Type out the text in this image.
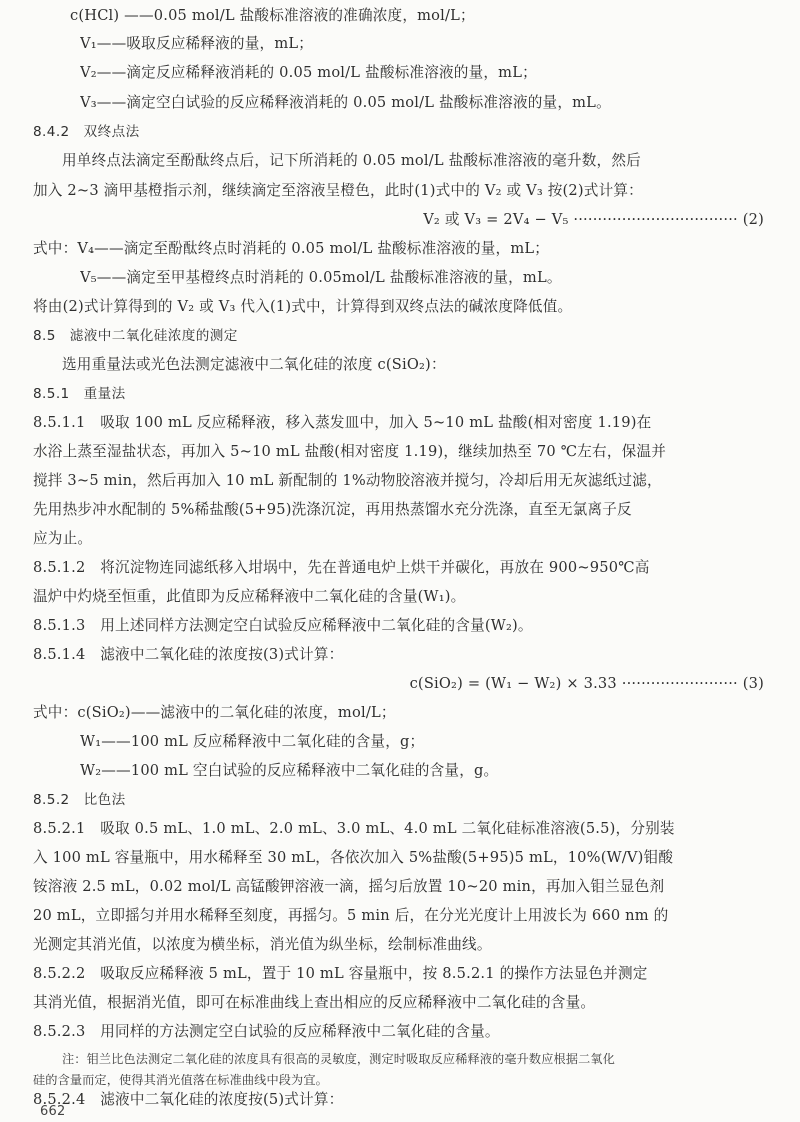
c(HCl) ——0.05 mol/L 盐酸标准溶液的准确浓度，mol/L；
V₁——吸取反应稀释液的量，mL；
V₂——滴定反应稀释液消耗的 0.05 mol/L 盐酸标准溶液的量，mL；
V₃——滴定空白试验的反应稀释液消耗的 0.05 mol/L 盐酸标准溶液的量，mL。
8.4.2　双终点法
用单终点法滴定至酚酞终点后，记下所消耗的 0.05 mol/L 盐酸标准溶液的毫升数，然后
加入 2~3 滴甲基橙指示剂，继续滴定至溶液呈橙色，此时(1)式中的 V₂ 或 V₃ 按(2)式计算：
V₂ 或 V₃ = 2V₄ − V₅ ·································· (2)
式中：V₄——滴定至酚酞终点时消耗的 0.05 mol/L 盐酸标准溶液的量，mL；
V₅——滴定至甲基橙终点时消耗的 0.05mol/L 盐酸标准溶液的量，mL。
将由(2)式计算得到的 V₂ 或 V₃ 代入(1)式中，计算得到双终点法的碱浓度降低值。
8.5　滤液中二氧化硅浓度的测定
选用重量法或光色法测定滤液中二氧化硅的浓度 c(SiO₂)：
8.5.1　重量法
8.5.1.1　吸取 100 mL 反应稀释液，移入蒸发皿中，加入 5~10 mL 盐酸(相对密度 1.19)在
水浴上蒸至湿盐状态，再加入 5~10 mL 盐酸(相对密度 1.19)，继续加热至 70 ℃左右，保温并
搅拌 3~5 min，然后再加入 10 mL 新配制的 1%动物胶溶液并搅匀，冷却后用无灰滤纸过滤，
先用热步冲水配制的 5%稀盐酸(5+95)洗涤沉淀，再用热蒸馏水充分洗涤，直至无氯离子反
应为止。
8.5.1.2　将沉淀物连同滤纸移入坩埚中，先在普通电炉上烘干并碳化，再放在 900~950℃高
温炉中灼烧至恒重，此值即为反应稀释液中二氧化硅的含量(W₁)。
8.5.1.3　用上述同样方法测定空白试验反应稀释液中二氧化硅的含量(W₂)。
8.5.1.4　滤液中二氧化硅的浓度按(3)式计算：
c(SiO₂) = (W₁ − W₂) × 3.33 ························ (3)
式中：c(SiO₂)——滤液中的二氧化硅的浓度，mol/L；
W₁——100 mL 反应稀释液中二氧化硅的含量，g；
W₂——100 mL 空白试验的反应稀释液中二氧化硅的含量，g。
8.5.2　比色法
8.5.2.1　吸取 0.5 mL、1.0 mL、2.0 mL、3.0 mL、4.0 mL 二氧化硅标准溶液(5.5)，分别装
入 100 mL 容量瓶中，用水稀释至 30 mL，各依次加入 5%盐酸(5+95)5 mL，10%(W/V)钼酸
铵溶液 2.5 mL，0.02 mol/L 高锰酸钾溶液一滴，摇匀后放置 10~20 min，再加入钼兰显色剂
20 mL，立即摇匀并用水稀释至刻度，再摇匀。5 min 后，在分光光度计上用波长为 660 nm 的
光测定其消光值，以浓度为横坐标，消光值为纵坐标，绘制标准曲线。
8.5.2.2　吸取反应稀释液 5 mL，置于 10 mL 容量瓶中，按 8.5.2.1 的操作方法显色并测定
其消光值，根据消光值，即可在标准曲线上查出相应的反应稀释液中二氧化硅的含量。
8.5.2.3　用同样的方法测定空白试验的反应稀释液中二氧化硅的含量。
注：钼兰比色法测定二氧化硅的浓度具有很高的灵敏度，测定时吸取反应稀释液的毫升数应根据二氧化
硅的含量而定，使得其消光值落在标准曲线中段为宜。
8.5.2.4　滤液中二氧化硅的浓度按(5)式计算：
662
